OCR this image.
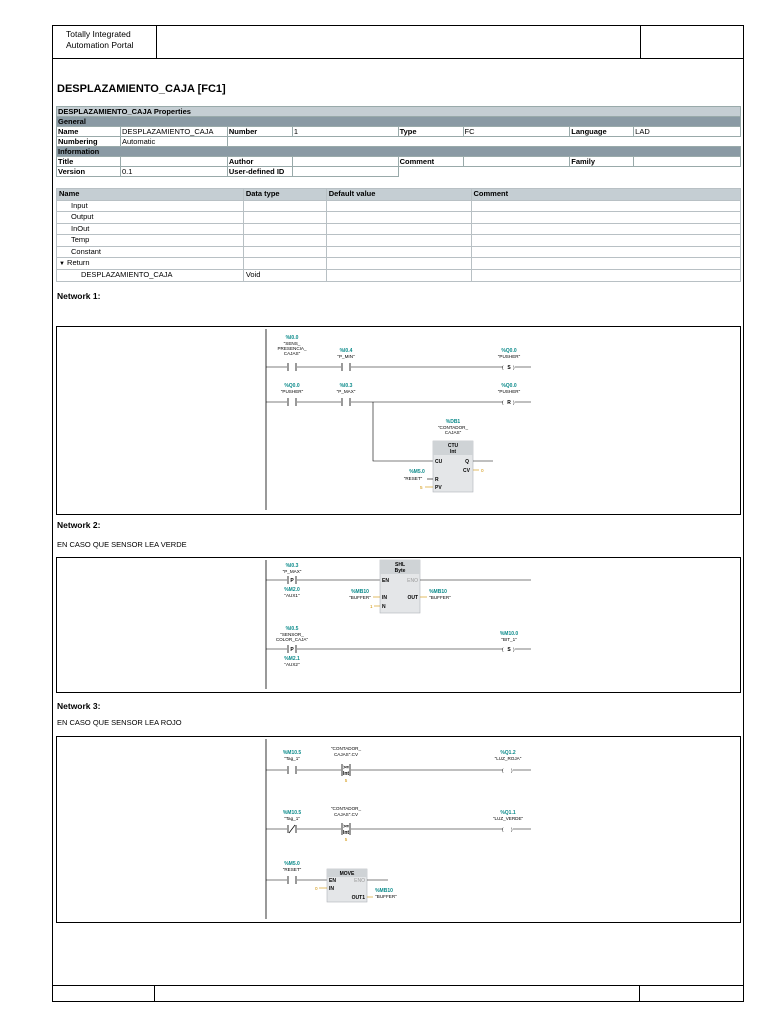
Totally Integrated
Automation Portal
DESPLAZAMIENTO_CAJA [FC1]
DESPLAZAMIENTO_CAJA Properties							
General							
Name	DESPLAZAMIENTO_CAJA	Number	1	Type	FC	Language	LAD
Numbering	Automatic						
Information							
Title		Author		Comment		Family	
Version	0.1	User-defined ID					
Name	Data type	Default value	Comment
Input			
Output			
InOut			
Temp			
Constant			
▼ Return			
DESPLAZAMIENTO_CAJA	Void		
Network 1:
Network 2:
EN CASO QUE SENSOR LEA VERDE
Network 3:
EN CASO QUE SENSOR LEA ROJO
%I0.0
"SENS_
PRESENCIA_
CAJAS"	%I0.4
"P_MIN"
( )
S
%Q0.0
"PUSHER"
%Q0.0
"PUSHER"
%I0.3
"P_MAX"
( )
R
%Q0.0
"PUSHER"
%DB1
"CONTADOR_
CAJAS"
CTU
Int
CU	Q
CV 0
R
%M5.0
"RESET"
PV
5
P
%I0.3
"P_MAX"
%M2.0
"AUX1"
SHL
Byte
EN	ENO
%MB10
"BUFFER" IN	OUT
%MB10
"BUFFER"
1 N
P
%I0.5
"SENSOR_
COLOR_CAJA"
%M2.1
"AUX2"
( )
S
%M10.0
"BIT_1"
%M10.5
"Tag_1"
>=
Int
"CONTADOR_
CAJAS".CV
5
( )
%Q1.2
"LUZ_ROJA"
%M10.5
"Tag_1"
>=
Int
"CONTADOR_
CAJAS".CV
5
( )
%Q1.1
"LUZ_VERDE"
%M5.0
"RESET"
MOVE
EN	ENO
0 IN
OUT1
%MB10
"BUFFER"
